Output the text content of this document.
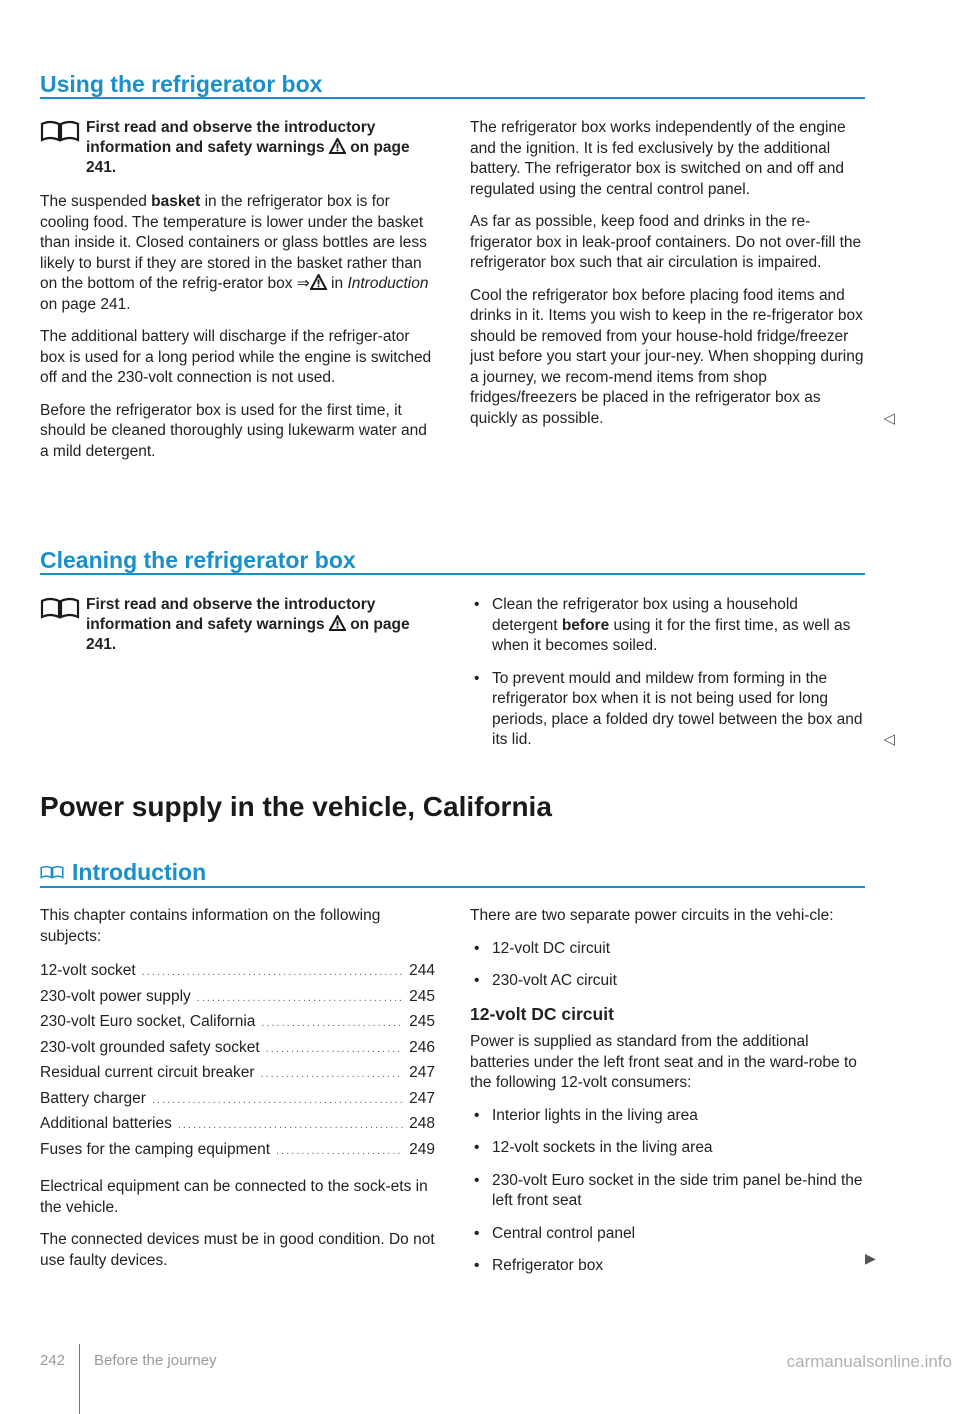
Using the refrigerator box
First read and observe the introductory information and safety warnings on page 241.

The suspended basket in the refrigerator box is for cooling food. The temperature is lower under the basket than inside it. Closed containers or glass bottles are less likely to burst if they are stored in the basket rather than on the bottom of the refrig-erator box ⇒ in Introduction on page 241.

The additional battery will discharge if the refriger-ator box is used for a long period while the engine is switched off and the 230-volt connection is not used.

Before the refrigerator box is used for the first time, it should be cleaned thoroughly using lukewarm water and a mild detergent.

The refrigerator box works independently of the engine and the ignition. It is fed exclusively by the additional battery. The refrigerator box is switched on and off and regulated using the central control panel.

As far as possible, keep food and drinks in the re-frigerator box in leak-proof containers. Do not over-fill the refrigerator box such that air circulation is impaired.

Cool the refrigerator box before placing food items and drinks in it. Items you wish to keep in the re-frigerator box should be removed from your house-hold fridge/freezer just before you start your jour-ney. When shopping during a journey, we recom-mend items from shop fridges/freezers be placed in the refrigerator box as quickly as possible.	◁

Cleaning the refrigerator box
First read and observe the introductory information and safety warnings on page 241.

• Clean the refrigerator box using a household detergent before using it for the first time, as well as when it becomes soiled.

• To prevent mould and mildew from forming in the refrigerator box when it is not being used for long periods, place a folded dry towel between the box and its lid.	◁

Power supply in the vehicle, California
Introduction

This chapter contains information on the following subjects:

12-volt socket .....	244
230-volt power supply .....	245
230-volt Euro socket, California .....	245
230-volt grounded safety socket .....	246
Residual current circuit breaker .....	247
Battery charger .....	247
Additional batteries .....	248
Fuses for the camping equipment .....	249

Electrical equipment can be connected to the sock-ets in the vehicle.

The connected devices must be in good condition. Do not use faulty devices.

There are two separate power circuits in the vehi-cle:

• 12-volt DC circuit

• 230-volt AC circuit

12-volt DC circuit

Power is supplied as standard from the additional batteries under the left front seat and in the ward-robe to the following 12-volt consumers:

• Interior lights in the living area

• 12-volt sockets in the living area

• 230-volt Euro socket in the side trim panel be-hind the left front seat

• Central control panel

• Refrigerator box	▶
242 Before the journey	carmanualsonline.info
